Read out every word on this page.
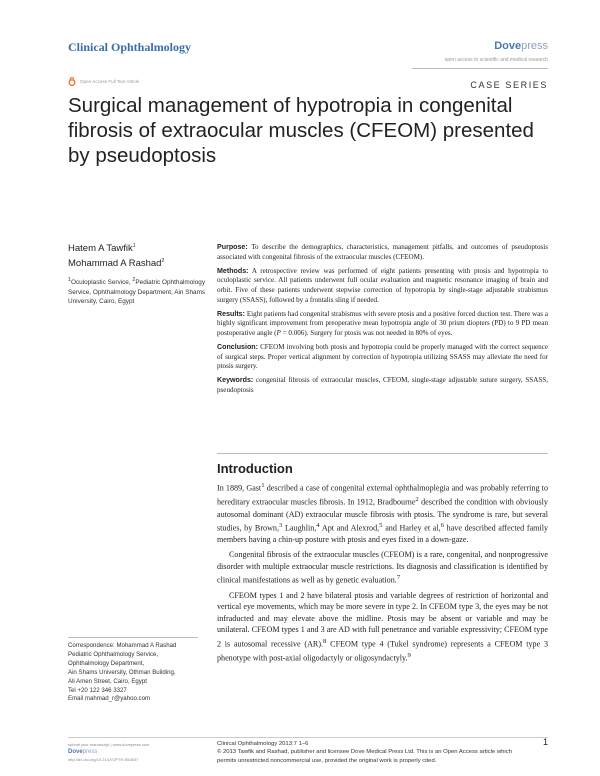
Clinical Ophthalmology	Dovepress
open access to scientific and medical research
Open Access Full Text Article	CASE SERIES
Surgical management of hypotropia in congenital fibrosis of extraocular muscles (CFEOM) presented by pseudoptosis
Hatem A Tawfik$^1$
Mohammad A Rashad$^2$
$^1$Oculoplastic Service, $^2$Pediatric Ophthalmology Service, Ophthalmology Department, Ain Shams University, Cairo, Egypt

Purpose: To describe the demographics, characteristics, management pitfalls, and outcomes of pseudoptosis associated with congenital fibrosis of the extraocular muscles (CFEOM).

Methods: A retrospective review was performed of eight patients presenting with ptosis and hypotropia to oculoplastic service. All patients underwent full ocular evaluation and magnetic resonance imaging of brain and orbit. Five of these patients underwent stepwise correction of hypotropia by single-stage adjustable strabismus surgery (SSASS), followed by a frontalis sling if needed.

Results: Eight patients had congenital strabismus with severe ptosis and a positive forced duction test. There was a highly significant improvement from preoperative mean hypotropia angle of 30 prism diopters (PD) to 9 PD mean postoperative angle (P = 0.006). Surgery for ptosis was not needed in 80% of eyes.

Conclusion: CFEOM involving both ptosis and hypotropia could be properly managed with the correct sequence of surgical steps. Proper vertical alignment by correction of hypotropia utilizing SSASS may alleviate the need for ptosis surgery.

Keywords: congenital fibrosis of extraocular muscles, CFEOM, single-stage adjustable suture surgery, SSASS, pseudoptosis

Introduction

In 1889, Gast$^1$ described a case of congenital external ophthalmoplegia and was probably referring to hereditary extraocular muscles fibrosis. In 1912, Bradbourne$^2$ described the condition with obviously autosomal dominant (AD) extraocular muscle fibrosis with ptosis. The syndrome is rare, but several studies, by Brown,$^3$ Laughlin,$^4$ Apt and Alexrod,$^5$ and Harley et al,$^6$ have described affected family members having a chin-up posture with ptosis and eyes fixed in a down-gaze.

Congenital fibrosis of the extraocular muscles (CFEOM) is a rare, congenital, and nonprogressive disorder with multiple extraocular muscle restrictions. Its diagnosis and classification is identified by clinical manifestations as well as by genetic evaluation.$^7$

CFEOM types 1 and 2 have bilateral ptosis and variable degrees of restriction of horizontal and vertical eye movements, which may be more severe in type 2. In CFEOM type 3, the eyes may be not infraducted and may elevate above the midline. Ptosis may be absent or variable and may be unilateral. CFEOM types 1 and 3 are AD with full penetrance and variable expressivity; CFEOM type 2 is autosomal recessive (AR).$^8$ CFEOM type 4 (Tukel syndrome) represents a CFEOM type 3 phenotype with post-axial oligodactyly or oligosyndactyly.$^9$

Correspondence: Mohammad A Rashad
Pediatric Ophthalmology Service,
Ophthalmology Department,
Ain Shams University, Othman Building,
Ali Amen Street, Cairo, Egypt
Tel +20 122 346 3327
Email mahmad_r@yahoo.com
submit your manuscript | www.dovepress.com
Dovepress
http://dx.doi.org/10.2147/OPTH.S53837
Clinical Ophthalmology 2013:7 1–6
© 2013 Tawfik and Rashad, publisher and licensee Dove Medical Press Ltd. This is an Open Access article which permits unrestricted noncommercial use, provided the original work is properly cited.
1
